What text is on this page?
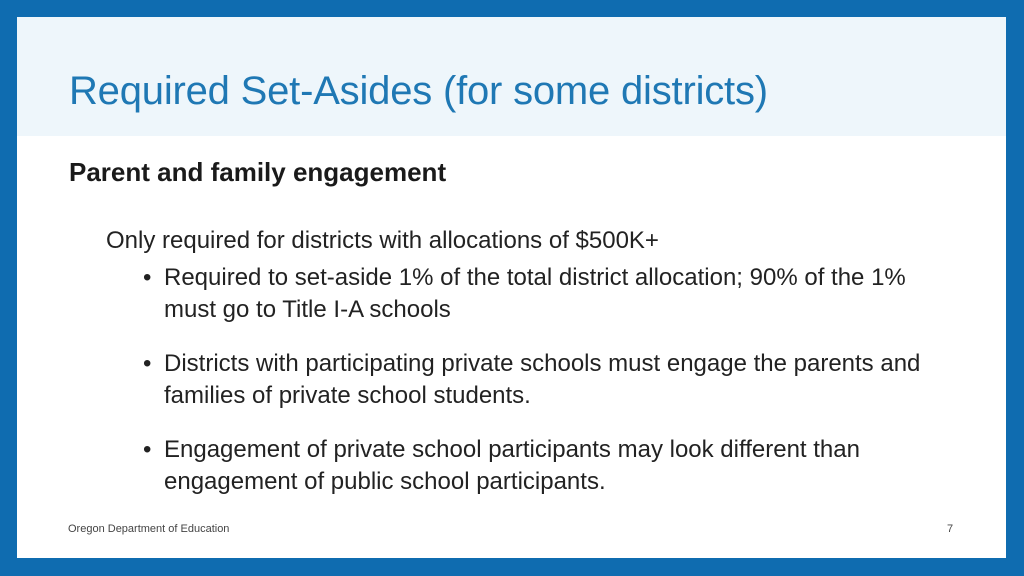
Required Set-Asides (for some districts)
Parent and family engagement

Only required for districts with allocations of $500K+

• Required to set-aside 1% of the total district allocation; 90% of the 1% must go to Title I-A schools
• Districts with participating private schools must engage the parents and families of private school students.
• Engagement of private school participants may look different than engagement of public school participants.
Oregon Department of Education	7
